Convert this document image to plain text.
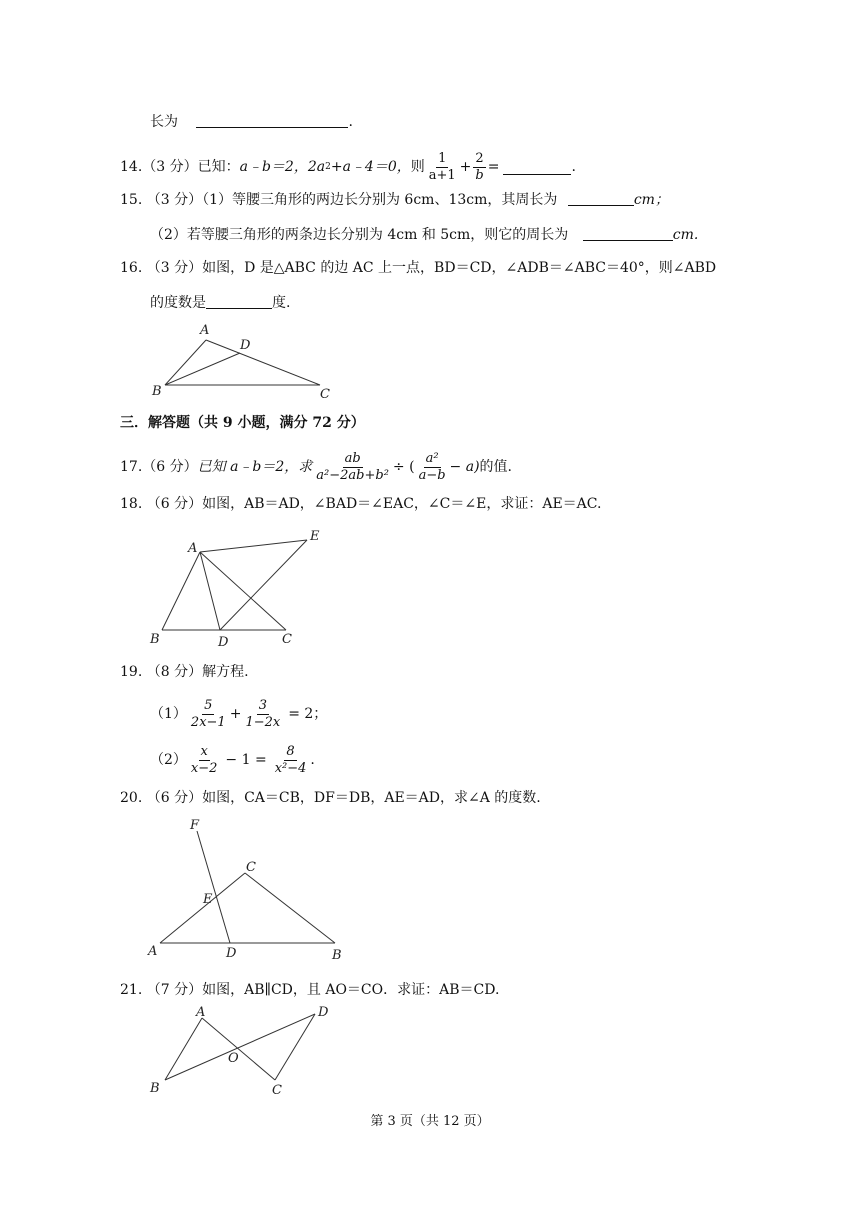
长为	.
14. （3 分） 已知： a﹣b＝2， 2a 2 +a﹣4＝0， 则 $\frac{1}{a+1} + \frac{2}{b}$ =	.
15. （3 分）（1）等腰三角形的两边长分别为 6cm、13cm，其周长为	cm；
（2）若等腰三角形的两条边长分别为 4cm 和 5cm，则它的周长为	cm.
16. （3 分）如图，D 是△ABC 的边 AC 上一点，BD＝CD，∠ADB＝∠ABC＝40°，则∠ABD
的度数是	度.
A
B	C
D
三．解答题（共 9 小题，满分 72 分）
17. （6 分） 已知 a﹣b＝2，求 $\frac{ab}{\text{a²−2ab+b²}}$ ÷ ( $\frac{\text{a²}}{a-b} - a$) 的值.
18. （6 分）如图，AB＝AD，∠BAD＝∠EAC，∠C＝∠E，求证：AE＝AC.
A
B	C
D
E
19. （8 分）解方程.
$(1) \frac{5}{2x-1} + \frac{3}{1-2x} = 2$；
$(2) \frac{x}{x-2} - 1 = \frac{8}{\text{x²−4}}$ .
20. （6 分）如图，CA＝CB，DF＝DB，AE＝AD，求∠A 的度数.
F
C
E
A	D	B
21. （7 分）如图，AB∥CD，且 AO＝CO．求证：AB＝CD.
A
B	C
D
O
第 3 页（共 12 页）
